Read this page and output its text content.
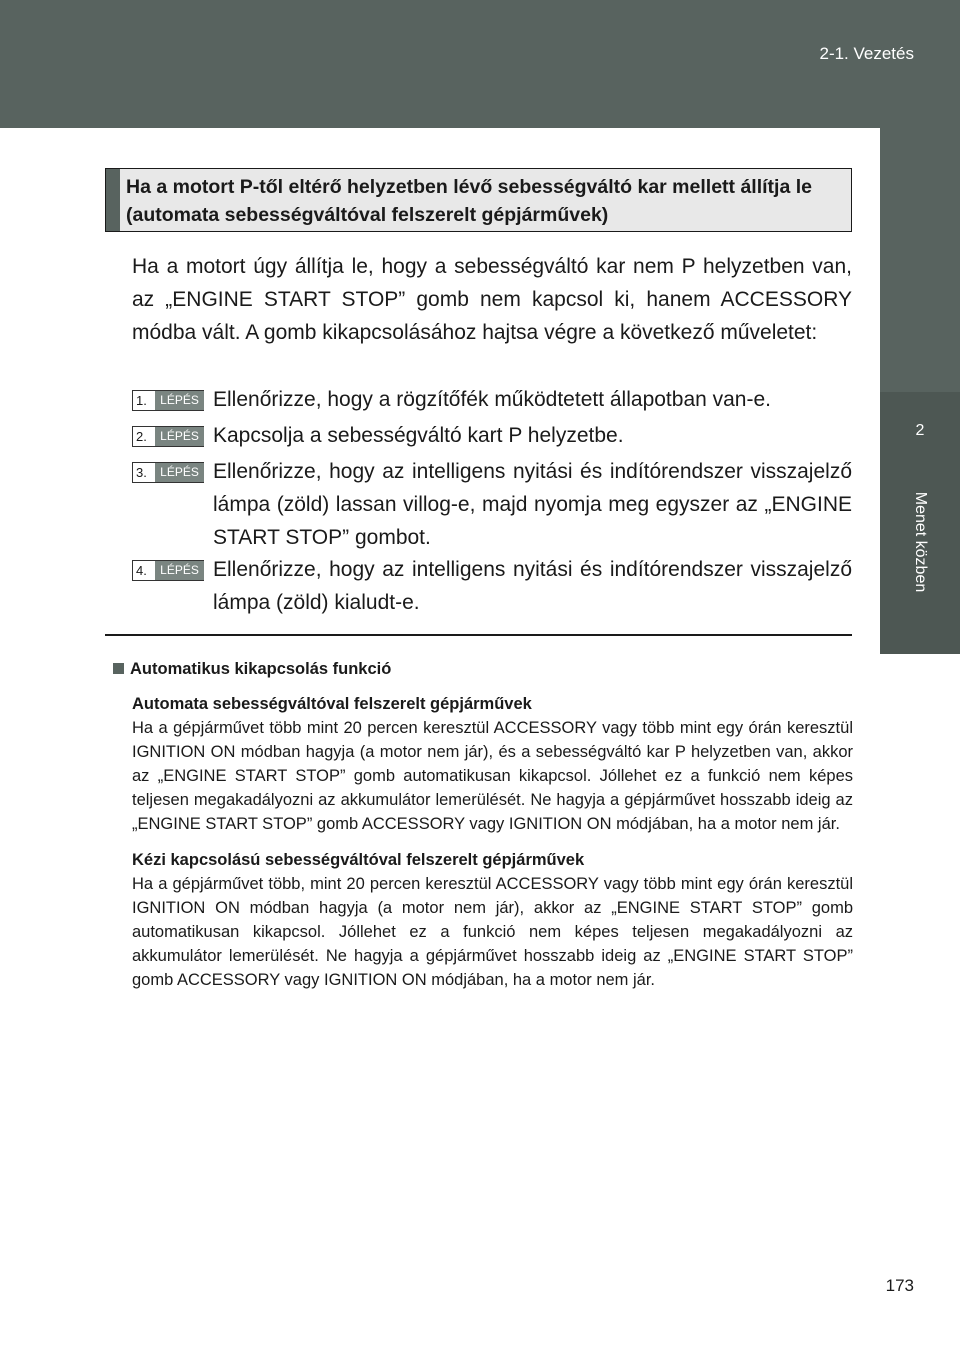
2-1. Vezetés
2
Menet közben
Ha a motort P-től eltérő helyzetben lévő sebességváltó kar mellett állítja le (automata sebességváltóval felszerelt gépjárművek)

Ha a motort úgy állítja le, hogy a sebességváltó kar nem P helyzetben van, az „ENGINE START STOP” gomb nem kapcsol ki, hanem ACCESSORY módba vált. A gomb kikapcsolásához hajtsa végre a következő műveletet:

1.	LÉPÉS Ellenőrizze, hogy a rögzítőfék működtetett állapotban van-e.
2.	LÉPÉS Kapcsolja a sebességváltó kart P helyzetbe.
3.	LÉPÉS Ellenőrizze, hogy az intelligens nyitási és indítórendszer visszajelző lámpa (zöld) lassan villog-e, majd nyomja meg egyszer az „ENGINE START STOP” gombot.
4.	LÉPÉS Ellenőrizze, hogy az intelligens nyitási és indítórendszer visszajelző lámpa (zöld) kialudt-e.
Automatikus kikapcsolás funkció
Automata sebességváltóval felszerelt gépjárművek
Ha a gépjárművet több mint 20 percen keresztül ACCESSORY vagy több mint egy órán keresztül IGNITION ON módban hagyja (a motor nem jár), és a sebességváltó kar P helyzetben van, akkor az „ENGINE START STOP” gomb automatikusan kikapcsol. Jóllehet ez a funkció nem képes teljesen megakadályozni az akkumulátor lemerülését. Ne hagyja a gépjárművet hosszabb ideig az „ENGINE START STOP” gomb ACCESSORY vagy IGNITION ON módjában, ha a motor nem jár.
Kézi kapcsolású sebességváltóval felszerelt gépjárművek
Ha a gépjárművet több, mint 20 percen keresztül ACCESSORY vagy több mint egy órán keresztül IGNITION ON módban hagyja (a motor nem jár), akkor az „ENGINE START STOP” gomb automatikusan kikapcsol. Jóllehet ez a funkció nem képes teljesen megakadályozni az akkumulátor lemerülését. Ne hagyja a gépjárművet hosszabb ideig az „ENGINE START STOP” gomb ACCESSORY vagy IGNITION ON módjában, ha a motor nem jár.
173
